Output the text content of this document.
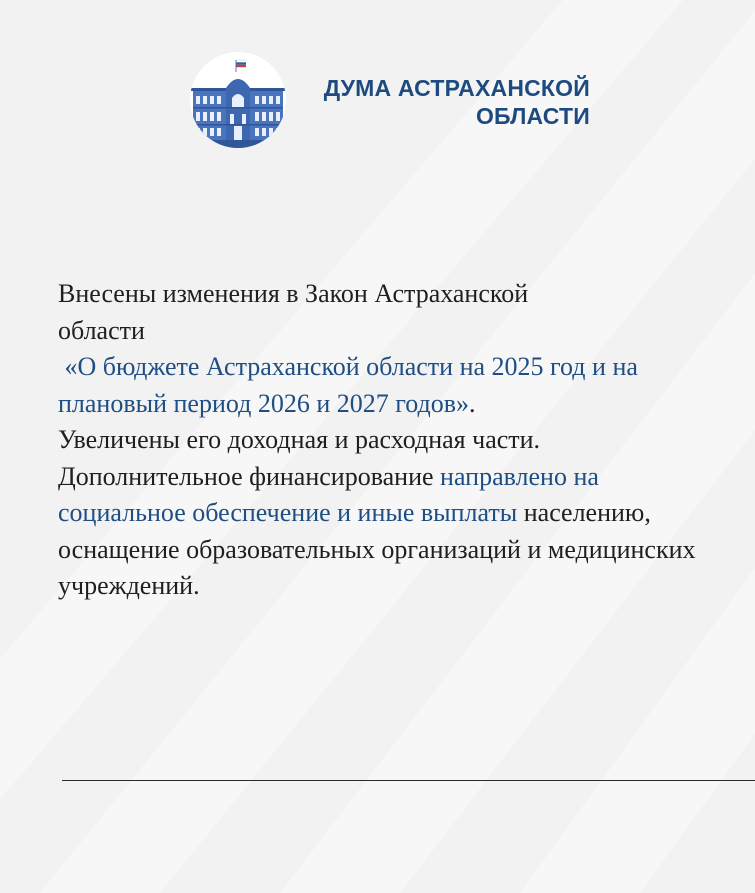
ДУМА АСТРАХАНСКОЙ
ОБЛАСТИ

Внесены изменения в Закон Астраханской
области
«О бюджете Астраханской области на 2025 год и на плановый период 2026 и 2027 годов».
Увеличены его доходная и расходная части.
Дополнительное финансирование направлено на социальное обеспечение и иные выплаты населению, оснащение образовательных организаций и медицинских учреждений.
